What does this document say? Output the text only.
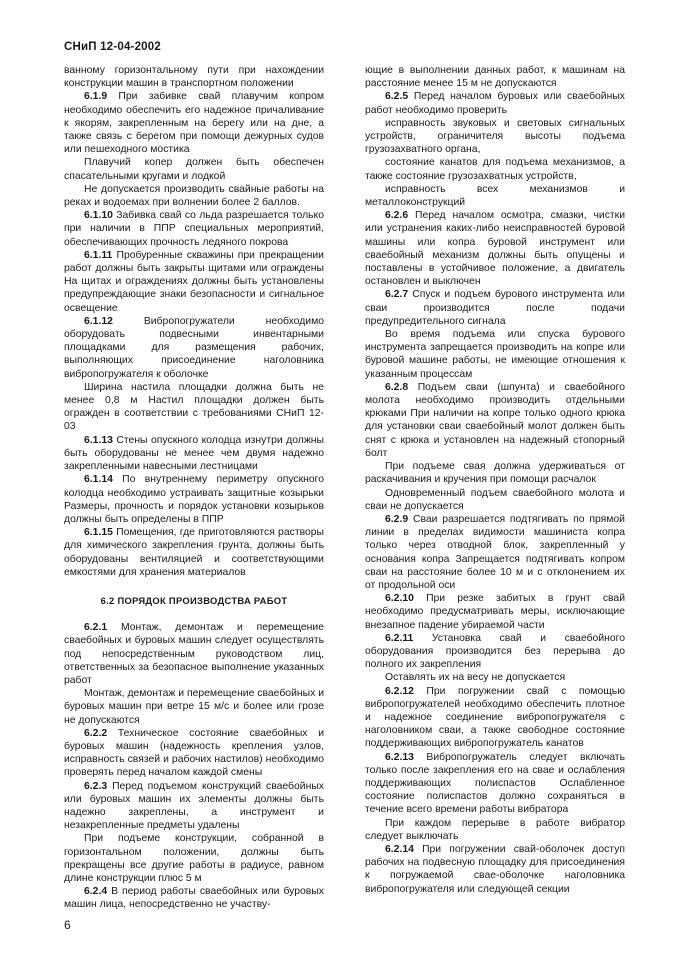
СНиП 12-04-2002

ванному горизонтальному пути при нахождении конструкции машин в транспортном положении

6.1.9 При забивке свай плавучим копром необходимо обеспечить его надежное причаливание к якорям, закрепленным на берегу или на дне, а также связь с берегом при помощи дежурных судов или пешеходного мостика

Плавучий копер должен быть обеспечен спасательными кругами и лодкой

Не допускается производить свайные работы на реках и водоемах при волнении более 2 баллов.

6.1.10 Забивка свай со льда разрешается только при наличии в ППР специальных мероприятий, обеспечивающих прочность ледяного покрова

6.1.11 Пробуренные скважины при прекращении работ должны быть закрыты щитами или ограждены На щитах и ограждениях должны быть установлены предупреждающие знаки безопасности и сигнальное освещение

6.1.12	Вибропогружатели необходимо оборудовать подвесными инвентарными площадками для размещения рабочих, выполняющих присоединение наголовника вибропогружателя к оболочке

Ширина настила площадки должна быть не менее 0,8 м Настил площадки должен быть огражден в соответствии с требованиями СНиП 12-03

6.1.13 Стены опускного колодца изнутри должны быть оборудованы не менее чем двумя надежно закрепленными навесными лестницами

6.1.14 По внутреннему периметру опускного колодца необходимо устраивать защитные козырьки Размеры, прочность и порядок установки козырьков должны быть определены в ППР

6.1.15 Помещения, где приготовляются растворы для химического закрепления грунта, должны быть оборудованы вентиляцией и соответствующими емкостями для хранения материалов

6.2 ПОРЯДОК ПРОИЗВОДСТВА РАБОТ

6.2.1 Монтаж, демонтаж и перемещение сваебойных и буровых машин следует осуществлять под непосредственным руководством лиц, ответственных за безопасное выполнение указанных работ

Монтаж, демонтаж и перемещение сваебойных и буровых машин при ветре 15 м/с и более или грозе не допускаются

6.2.2 Техническое состояние сваебойных и буровых машин (надежность крепления узлов, исправность связей и рабочих настилов) необходимо проверять перед началом каждой смены

6.2.3 Перед подъемом конструкций сваебойных или буровых машин их элементы должны быть надежно закреплены, а инструмент и незакрепленные предметы удалены

При подъеме конструкции, собранной в горизонтальном положении, должны быть прекращены все другие работы в радиусе, равном длине конструкции плюс 5 м

6.2.4 В период работы сваебойных или буровых машин лица, непосредственно не участву-

ющие в выполнении данных работ, к машинам на расстояние менее 15 м не допускаются

6.2.5 Перед началом буровых или сваебойных работ необходимо проверить

исправность звуковых и световых сигнальных устройств, ограничителя высоты подъема грузозахватного органа,

состояние канатов для подъема механизмов, а также состояние грузозахватных устройств,

исправность всех механизмов и металлоконструкций

6.2.6 Перед началом осмотра, смазки, чистки или устранения каких-либо неисправностей буровой машины или копра буровой инструмент или сваебойный механизм должны быть опущены и поставлены в устойчивое положение, а двигатель остановлен и выключен

6.2.7 Спуск и подъем бурового инструмента или сваи производится после подачи предупредительного сигнала

Во время подъема или спуска бурового инструмента запрещается производить на копре или буровой машине работы, не имеющие отношения к указанным процессам

6.2.8 Подъем сваи (шпунта) и сваебойного молота необходимо производить отдельными крюками При наличии на копре только одного крюка для установки сваи сваебойный молот должен быть снят с крюка и установлен на надежный стопорный болт

При подъеме свая должна удерживаться от раскачивания и кручения при помощи расчалок

Одновременный подъем сваебойного молота и сваи не допускается

6.2.9 Сваи разрешается подтягивать по прямой линии в пределах видимости машиниста копра только через отводной блок, закрепленный у основания копра Запрещается подтягивать копром сваи на расстояние более 10 м и с отклонением их от продольной оси

6.2.10 При резке забитых в грунт свай необходимо предусматривать меры, исключающие внезапное падение убираемой части

6.2.11 Установка свай и сваебойного оборудования производится без перерыва до полного их закрепления

Оставлять их на весу не допускается

6.2.12 При погружении свай с помощью вибропогружателей необходимо обеспечить плотное и надежное соединение вибропогружателя с наголовником сваи, а также свободное состояние поддерживающих вибропогружатель канатов

6.2.13 Вибропогружатель следует включать только после закрепления его на свае и ослабления поддерживающих полиспастов Ослабленное состояние полиспастов должно сохраняться в течение всего времени работы вибратора

При каждом перерыве в работе вибратор следует выключать

6.2.14 При погружении свай-оболочек доступ рабочих на подвесную площадку для присоединения к погружаемой сваe-оболочке наголовника вибропогружателя или следующей секции

6
